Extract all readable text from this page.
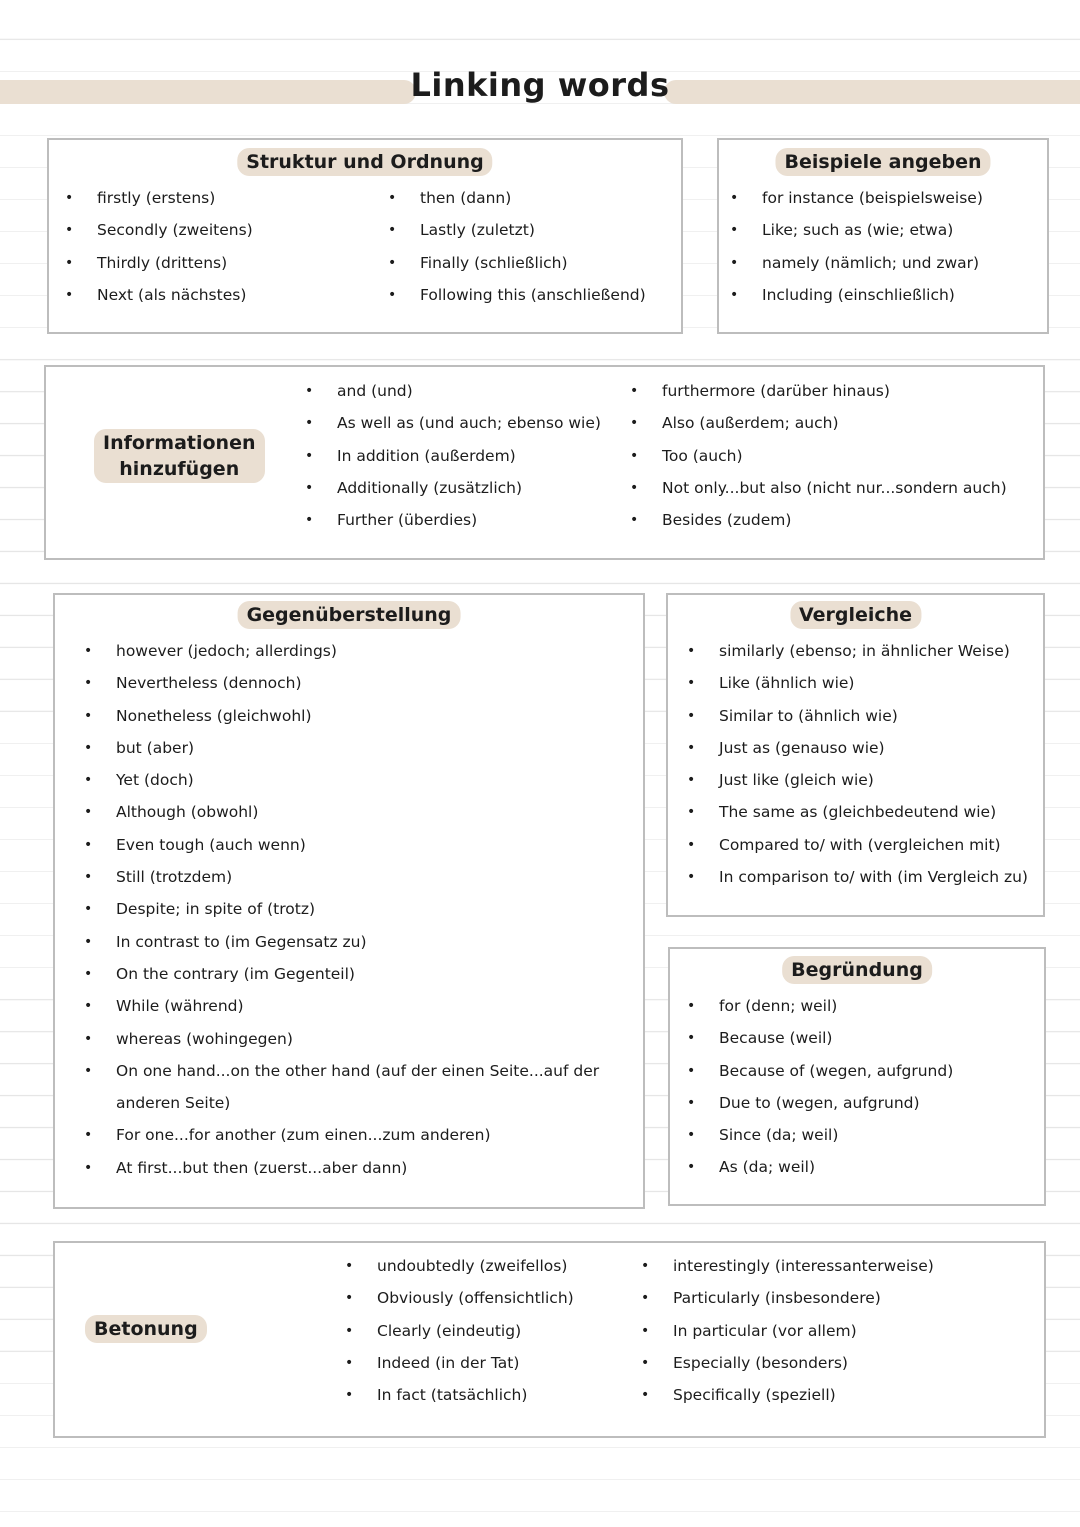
Linking words
Struktur und Ordnung
• firstly (erstens)
• Secondly (zweitens)
• Thirdly (drittens)
• Next (als nächstes)
• then (dann)
• Lastly (zuletzt)
• Finally (schließlich)
• Following this (anschließend)
Beispiele angeben
• for instance (beispielsweise)
• Like; such as (wie; etwa)
• namely (nämlich; und zwar)
• Including (einschließlich)
Informationen
hinzufügen
• and (und)
• As well as (und auch; ebenso wie)
• In addition (außerdem)
• Additionally (zusätzlich)
• Further (überdies)
• furthermore (darüber hinaus)
• Also (außerdem; auch)
• Too (auch)
• Not only...but also (nicht nur...sondern auch)
• Besides (zudem)
Gegenüberstellung
• however (jedoch; allerdings)
• Nevertheless (dennoch)
• Nonetheless (gleichwohl)
• but (aber)
• Yet (doch)
• Although (obwohl)
• Even tough (auch wenn)
• Still (trotzdem)
• Despite; in spite of (trotz)
• In contrast to (im Gegensatz zu)
• On the contrary (im Gegenteil)
• While (während)
• whereas (wohingegen)
• On one hand...on the other hand (auf der einen Seite...auf der anderen Seite)
• For one...for another (zum einen...zum anderen)
• At first...but then (zuerst...aber dann)
Vergleiche
• similarly (ebenso; in ähnlicher Weise)
• Like (ähnlich wie)
• Similar to (ähnlich wie)
• Just as (genauso wie)
• Just like (gleich wie)
• The same as (gleichbedeutend wie)
• Compared to/ with (vergleichen mit)
• In comparison to/ with (im Vergleich zu)
Begründung
• for (denn; weil)
• Because (weil)
• Because of (wegen, aufgrund)
• Due to (wegen, aufgrund)
• Since (da; weil)
• As (da; weil)
Betonung
• undoubtedly (zweifellos)
• Obviously (offensichtlich)
• Clearly (eindeutig)
• Indeed (in der Tat)
• In fact (tatsächlich)
• interestingly (interessanterweise)
• Particularly (insbesondere)
• In particular (vor allem)
• Especially (besonders)
• Specifically (speziell)
